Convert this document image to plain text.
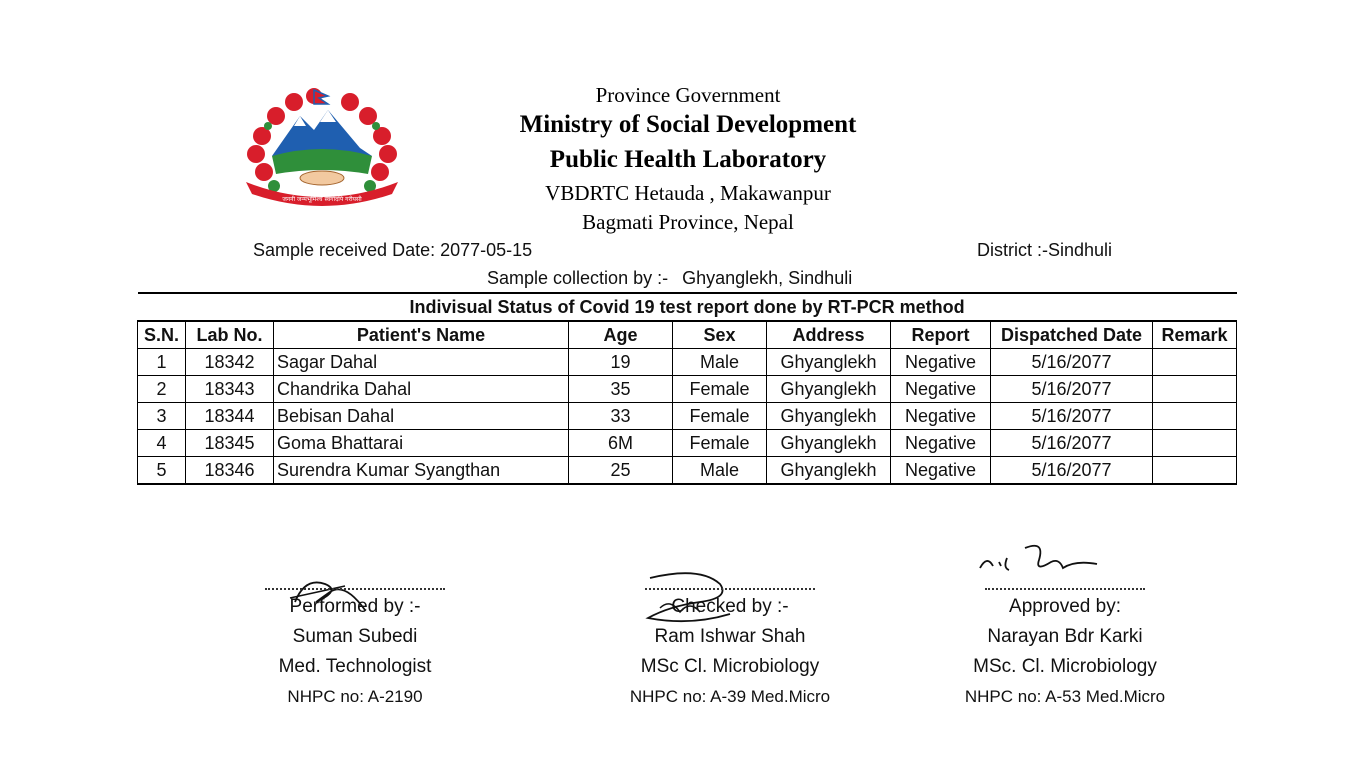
जननी जन्मभूमिश्च स्वर्गादपि गरीयसी
Province Government
Ministry of Social Development
Public Health Laboratory
VBDRTC Hetauda , Makawanpur
Bagmati Province, Nepal
Sample received Date: 2077-05-15	District :-Sindhuli
Sample collection by :- Ghyanglekh, Sindhuli
Indivisual Status of Covid 19 test report done by RT-PCR method								
S.N.	Lab No.	Patient's Name	Age	Sex	Address	Report	Dispatched Date	Remark
1	18342	Sagar Dahal	19	Male	Ghyanglekh	Negative	5/16/2077	
2	18343	Chandrika Dahal	35	Female	Ghyanglekh	Negative	5/16/2077	
3	18344	Bebisan Dahal	33	Female	Ghyanglekh	Negative	5/16/2077	
4	18345	Goma Bhattarai	6M	Female	Ghyanglekh	Negative	5/16/2077	
5	18346	Surendra Kumar Syangthan	25	Male	Ghyanglekh	Negative	5/16/2077	
Performed by :-
Suman Subedi
Med. Technologist
NHPC no: A-2190
Checked by :-
Ram Ishwar Shah
MSc Cl. Microbiology
NHPC no: A-39 Med.Micro
Approved by:
Narayan Bdr Karki
MSc. Cl. Microbiology
NHPC no: A-53 Med.Micro
